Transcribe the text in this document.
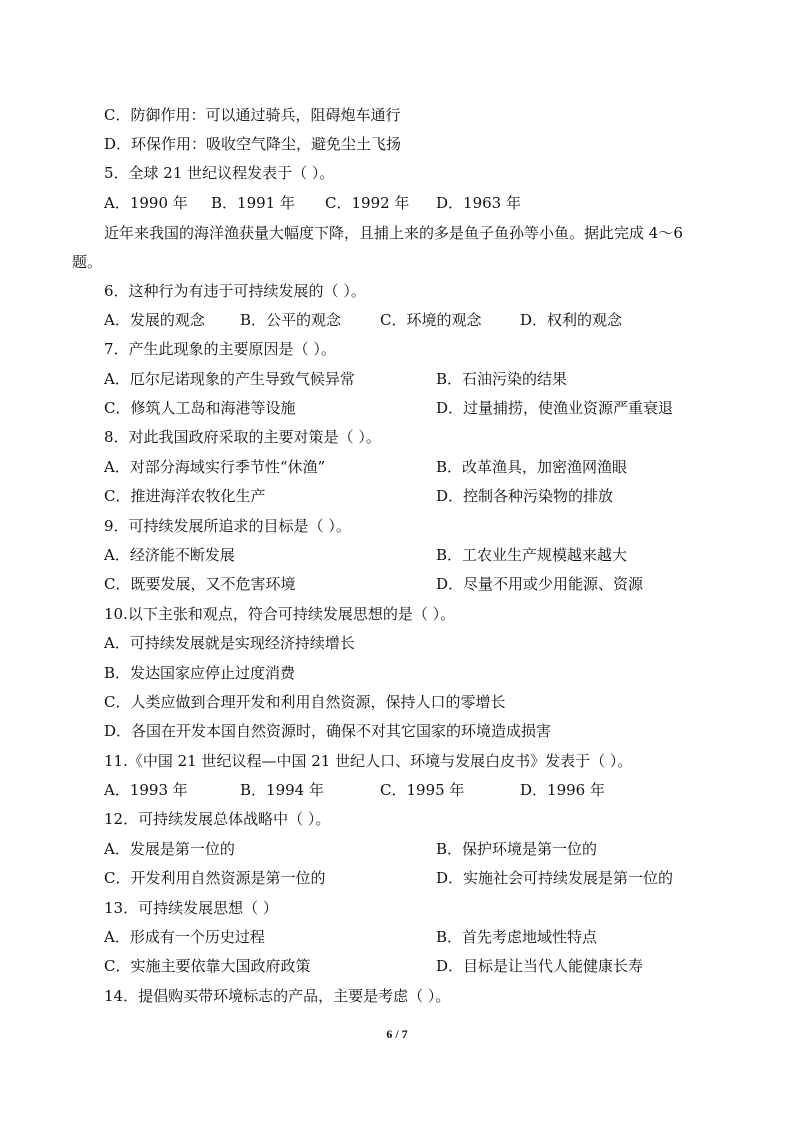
C．防御作用：可以通过骑兵，阻碍炮车通行
D．环保作用：吸收空气降尘，避免尘土飞扬
5．全球 21 世纪议程发表于（ ）。
A．1990 年 B．1991 年 C．1992 年 D．1963 年
近年来我国的海洋渔获量大幅度下降，且捕上来的多是鱼子鱼孙等小鱼。据此完成 4～6
题。
6．这种行为有违于可持续发展的（ ）。
A．发展的观念 B．公平的观念	C．环境的观念	D．权利的观念
7．产生此现象的主要原因是（ ）。
A．厄尔尼诺现象的产生导致气候异常	B．石油污染的结果
C．修筑人工岛和海港等设施	D．过量捕捞，使渔业资源严重衰退
8．对此我国政府采取的主要对策是（ ）。
A．对部分海域实行季节性“休渔”	B．改革渔具，加密渔网渔眼
C．推进海洋农牧化生产	D．控制各种污染物的排放
9．可持续发展所追求的目标是（ ）。
A．经济能不断发展	B．工农业生产规模越来越大
C．既要发展，又不危害环境	D．尽量不用或少用能源、资源
10.以下主张和观点，符合可持续发展思想的是（ ）。
A．可持续发展就是实现经济持续增长
B．发达国家应停止过度消费
C．人类应做到合理开发和利用自然资源，保持人口的零增长
D．各国在开发本国自然资源时，确保不对其它国家的环境造成损害
11.《中国 21 世纪议程—中国 21 世纪人口、环境与发展白皮书》发表于（ ）。
A．1993 年	B．1994 年	C．1995 年	D．1996 年
12．可持续发展总体战略中（ ）。
A．发展是第一位的	B．保护环境是第一位的
C．开发利用自然资源是第一位的	D．实施社会可持续发展是第一位的
13．可持续发展思想（ ）
A．形成有一个历史过程	B．首先考虑地域性特点
C．实施主要依靠大国政府政策	D．目标是让当代人能健康长寿
14．提倡购买带环境标志的产品，主要是考虑（ ）。
6 / 7
